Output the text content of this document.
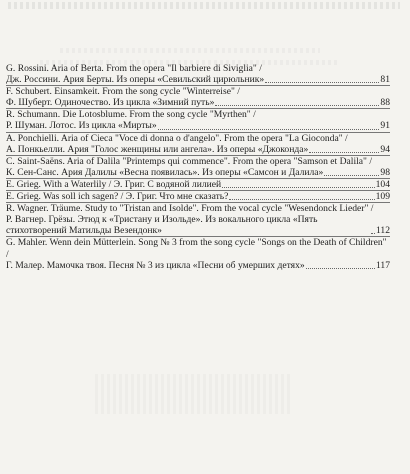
G. Rossini. Aria of Berta. From the opera "Il barbiere di Siviglia" /
Дж. Россини. Ария Берты. Из оперы «Севильский цирюльник»	81
F. Schubert. Einsamkeit. From the song cycle "Winterreise" /
Ф. Шуберт. Одиночество. Из цикла «Зимний путь»	88
R. Schumann. Die Lotosblume. From the song cycle "Myrthen" /
Р. Шуман. Лотос. Из цикла «Мирты»	91
A. Ponchielli. Aria of Cieca "Voce di donna o d'angelo". From the opera "La Gioconda" /
А. Понкьелли. Ария "Голос женщины или ангела». Из оперы «Джоконда»	94
C. Saint-Saëns. Aria of Dalila "Printemps qui commence". From the opera "Samson et Dalila" /
К. Сен-Санс. Ария Далилы «Весна появилась». Из оперы «Самсон и Далила»	98
E. Grieg. With a Waterlily / Э. Григ. С водяной лилией	104
E. Grieg. Was soll ich sagen? / Э. Григ. Что мне сказать?	109
R. Wagner. Träume. Study to "Tristan and Isolde". From the vocal cycle "Wesendonck Lieder" /
Р. Вагнер. Грёзы. Этюд к «Тристану и Изольде». Из вокального цикла «Пять стихотворений Матильды Везендонк»	112
G. Mahler. Wenn dein Mütterlein. Song № 3 from the song cycle "Songs on the Death of Children" /
Г. Малер. Мамочка твоя. Песня № 3 из цикла «Песни об умерших детях»	117
